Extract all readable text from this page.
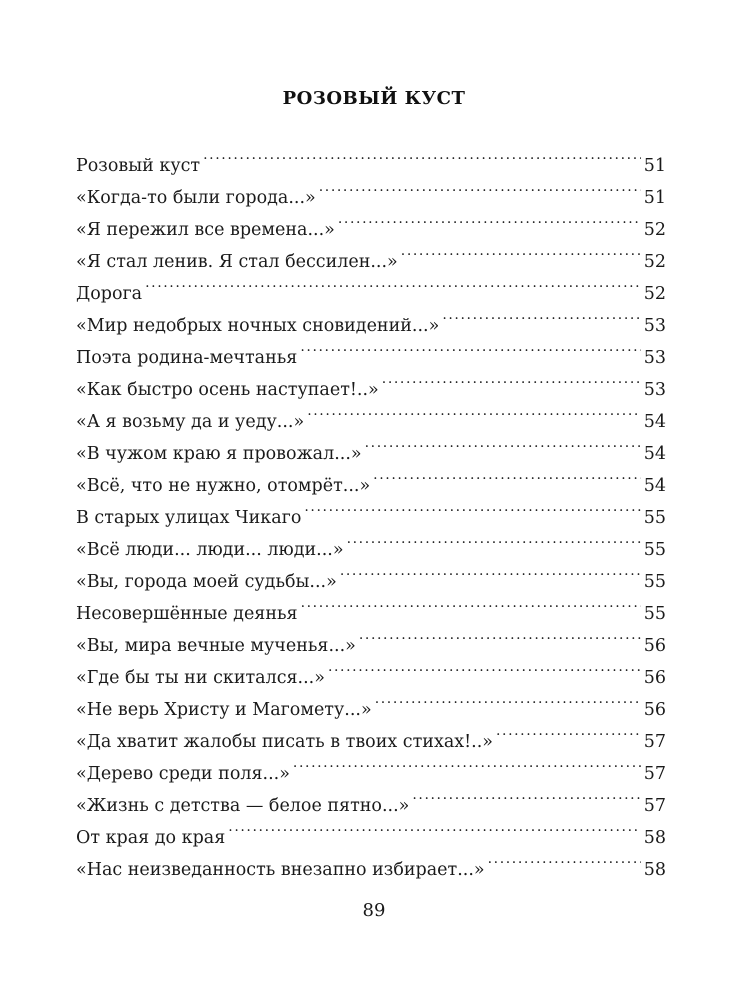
РОЗОВЫЙ КУСТ
Розовый куст .....	51
«Когда-то были города...» .....	51
«Я пережил все времена...» .....	52
«Я стал ленив. Я стал бессилен...» .....	52
Дорога .....	52
«Мир недобрых ночных сновидений...» .....	53
Поэта родина-мечтанья .....	53
«Как быстро осень наступает!..» .....	53
«А я возьму да и уеду...» .....	54
«В чужом краю я провожал...» .....	54
«Всё, что не нужно, отомрёт...» .....	54
В старых улицах Чикаго .....	55
«Всё люди... люди... люди...» .....	55
«Вы, города моей судьбы...» .....	55
Несовершённые деянья .....	55
«Вы, мира вечные мученья...» .....	56
«Где бы ты ни скитался...» .....	56
«Не верь Христу и Магомету...» .....	56
«Да хватит жалобы писать в твоих стихах!..» .....	57
«Дерево среди поля...» .....	57
«Жизнь с детства — белое пятно...» .....	57
От края до края .....	58
«Нас неизведанность внезапно избирает...» .....	58
89
